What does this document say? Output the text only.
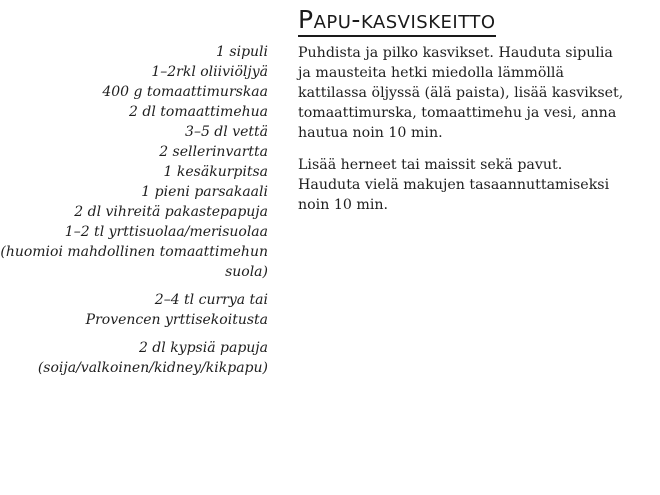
Papu-kasviskeitto
1 sipuli
1–2rkl oliiviöljyä
400 g tomaattimurskaa
2 dl tomaattimehua
3–5 dl vettä
2 sellerinvartta
1 kesäkurpitsa
1 pieni parsakaali
2 dl vihreitä pakastepapuja
1–2 tl yrttisuolaa/merisuolaa
(huomioi mahdollinen tomaattimehun
suola)
2–4 tl currya tai
Provencen yrttisekoitusta
2 dl kypsiä papuja
(soija/valkoinen/kidney/kikpapu)

Puhdista ja pilko kasvikset. Hauduta sipulia
ja mausteita hetki miedolla lämmöllä
kattilassa öljyssä (älä paista), lisää kasvikset,
tomaattimurska, tomaattimehu ja vesi, anna
hautua noin 10 min.

Lisää herneet tai maissit sekä pavut.
Hauduta vielä makujen tasaannuttamiseksi
noin 10 min.
